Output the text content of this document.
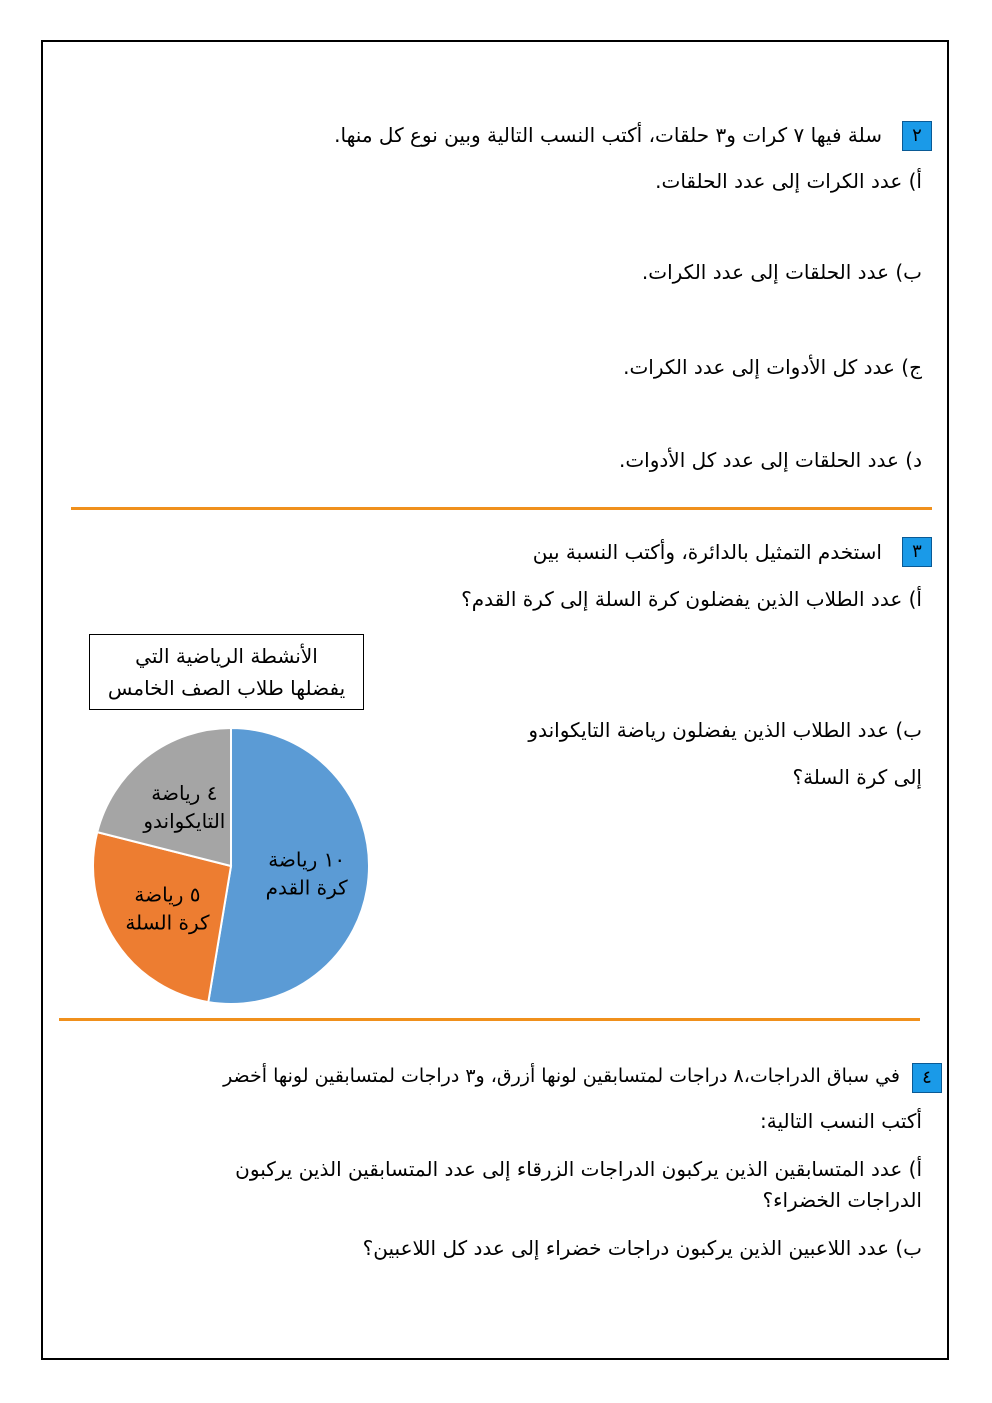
٢
سلة فيها ٧ كرات و٣ حلقات، أكتب النسب التالية وبين نوع كل منها.
أ) عدد الكرات إلى عدد الحلقات.
ب) عدد الحلقات إلى عدد الكرات.
ج) عدد كل الأدوات إلى عدد الكرات.
د) عدد الحلقات إلى عدد كل الأدوات.
٣
استخدم التمثيل بالدائرة، وأكتب النسبة بين
أ) عدد الطلاب الذين يفضلون كرة السلة إلى كرة القدم؟
ب) عدد الطلاب الذين يفضلون رياضة التايكواندو
إلى كرة السلة؟
الأنشطة الرياضية التي
يفضلها طلاب الصف الخامس
١٠ رياضة كرة القدم
٥ رياضة كرة السلة
٤ رياضة التايكواندو
٤
في سباق الدراجات،٨ دراجات لمتسابقين لونها أزرق، و٣ دراجات لمتسابقين لونها أخضر
أكتب النسب التالية:
أ) عدد المتسابقين الذين يركبون الدراجات الزرقاء إلى عدد المتسابقين الذين يركبون
الدراجات الخضراء؟
ب) عدد اللاعبين الذين يركبون دراجات خضراء إلى عدد كل اللاعبين؟
